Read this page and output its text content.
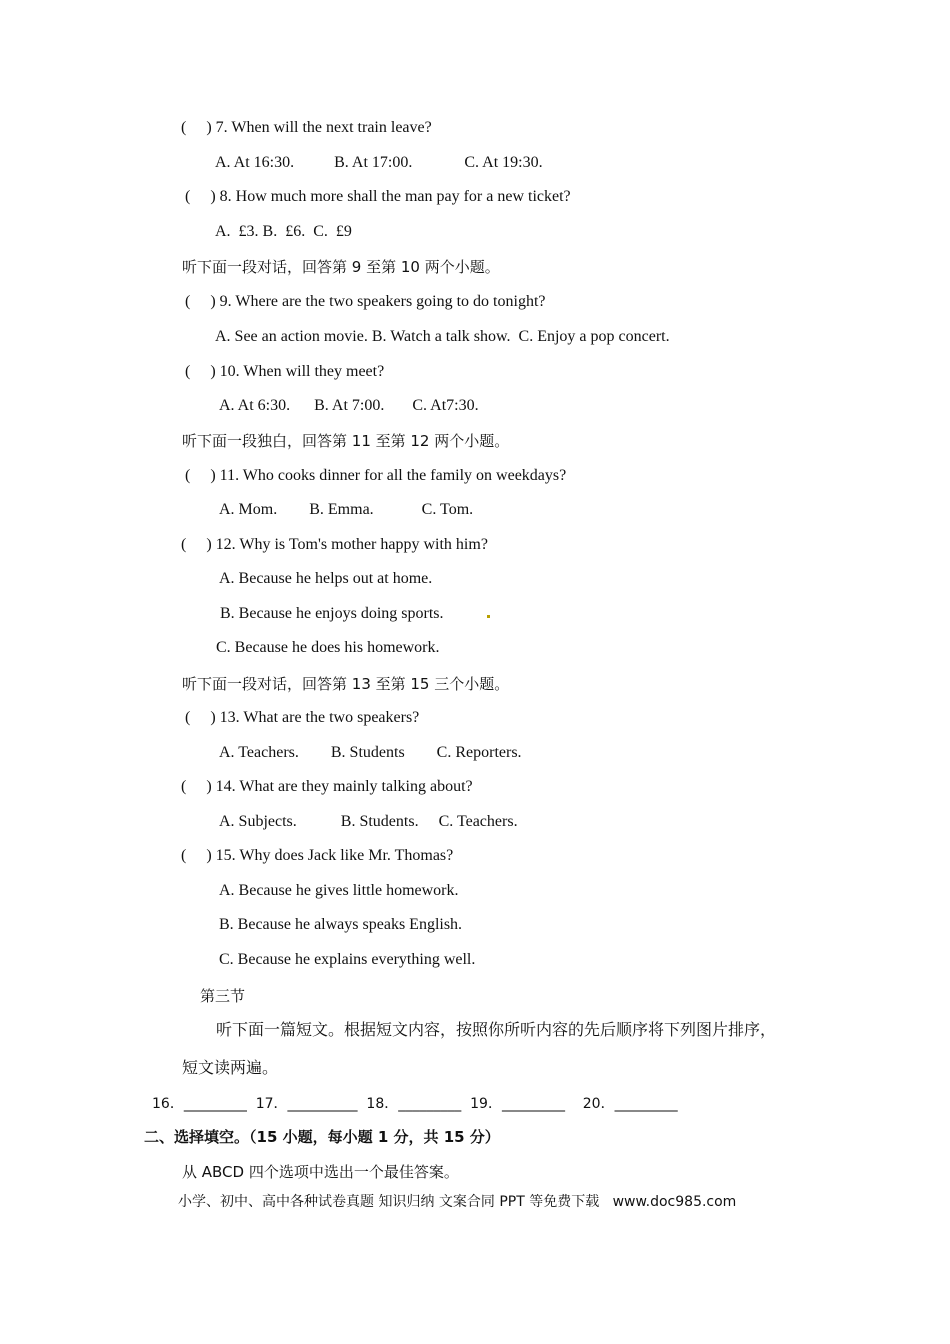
(     ) 7. When will the next train leave?
A. At 16:30.          B. At 17:00.             C. At 19:30.
(     ) 8. How much more shall the man pay for a new ticket?
A.  £3. B.  £6.  C.  £9
听下面一段对话，回答第 9 至第 10 两个小题。
(     ) 9. Where are the two speakers going to do tonight?
A. See an action movie. B. Watch a talk show.  C. Enjoy a pop concert.
(     ) 10. When will they meet?
A. At 6:30.      B. At 7:00.       C. At7:30.
听下面一段独白，回答第 11 至第 12 两个小题。
(     ) 11. Who cooks dinner for all the family on weekdays?
A. Mom.        B. Emma.            C. Tom.
(     ) 12. Why is Tom's mother happy with him?
A. Because he helps out at home.
B. Because he enjoys doing sports.
C. Because he does his homework.
听下面一段对话，回答第 13 至第 15 三个小题。
(     ) 13. What are the two speakers?
A. Teachers.        B. Students        C. Reporters.
(     ) 14. What are they mainly talking about?
A. Subjects.           B. Students.     C. Teachers.
(     ) 15. Why does Jack like Mr. Thomas?
A. Because he gives little homework.
B. Because he always speaks English.
C. Because he explains everything well.
第三节
听下面一篇短文。根据短文内容，按照你所听内容的先后顺序将下列图片排序，
短文读两遍。
16．_________  17．__________  18．_________  19．_________    20．_________
二、选择填空。（15 小题，每小题 1 分，共 15 分）
从 ABCD 四个选项中选出一个最佳答案。
小学、初中、高中各种试卷真题 知识归纳 文案合同 PPT 等免费下载   www.doc985.com
